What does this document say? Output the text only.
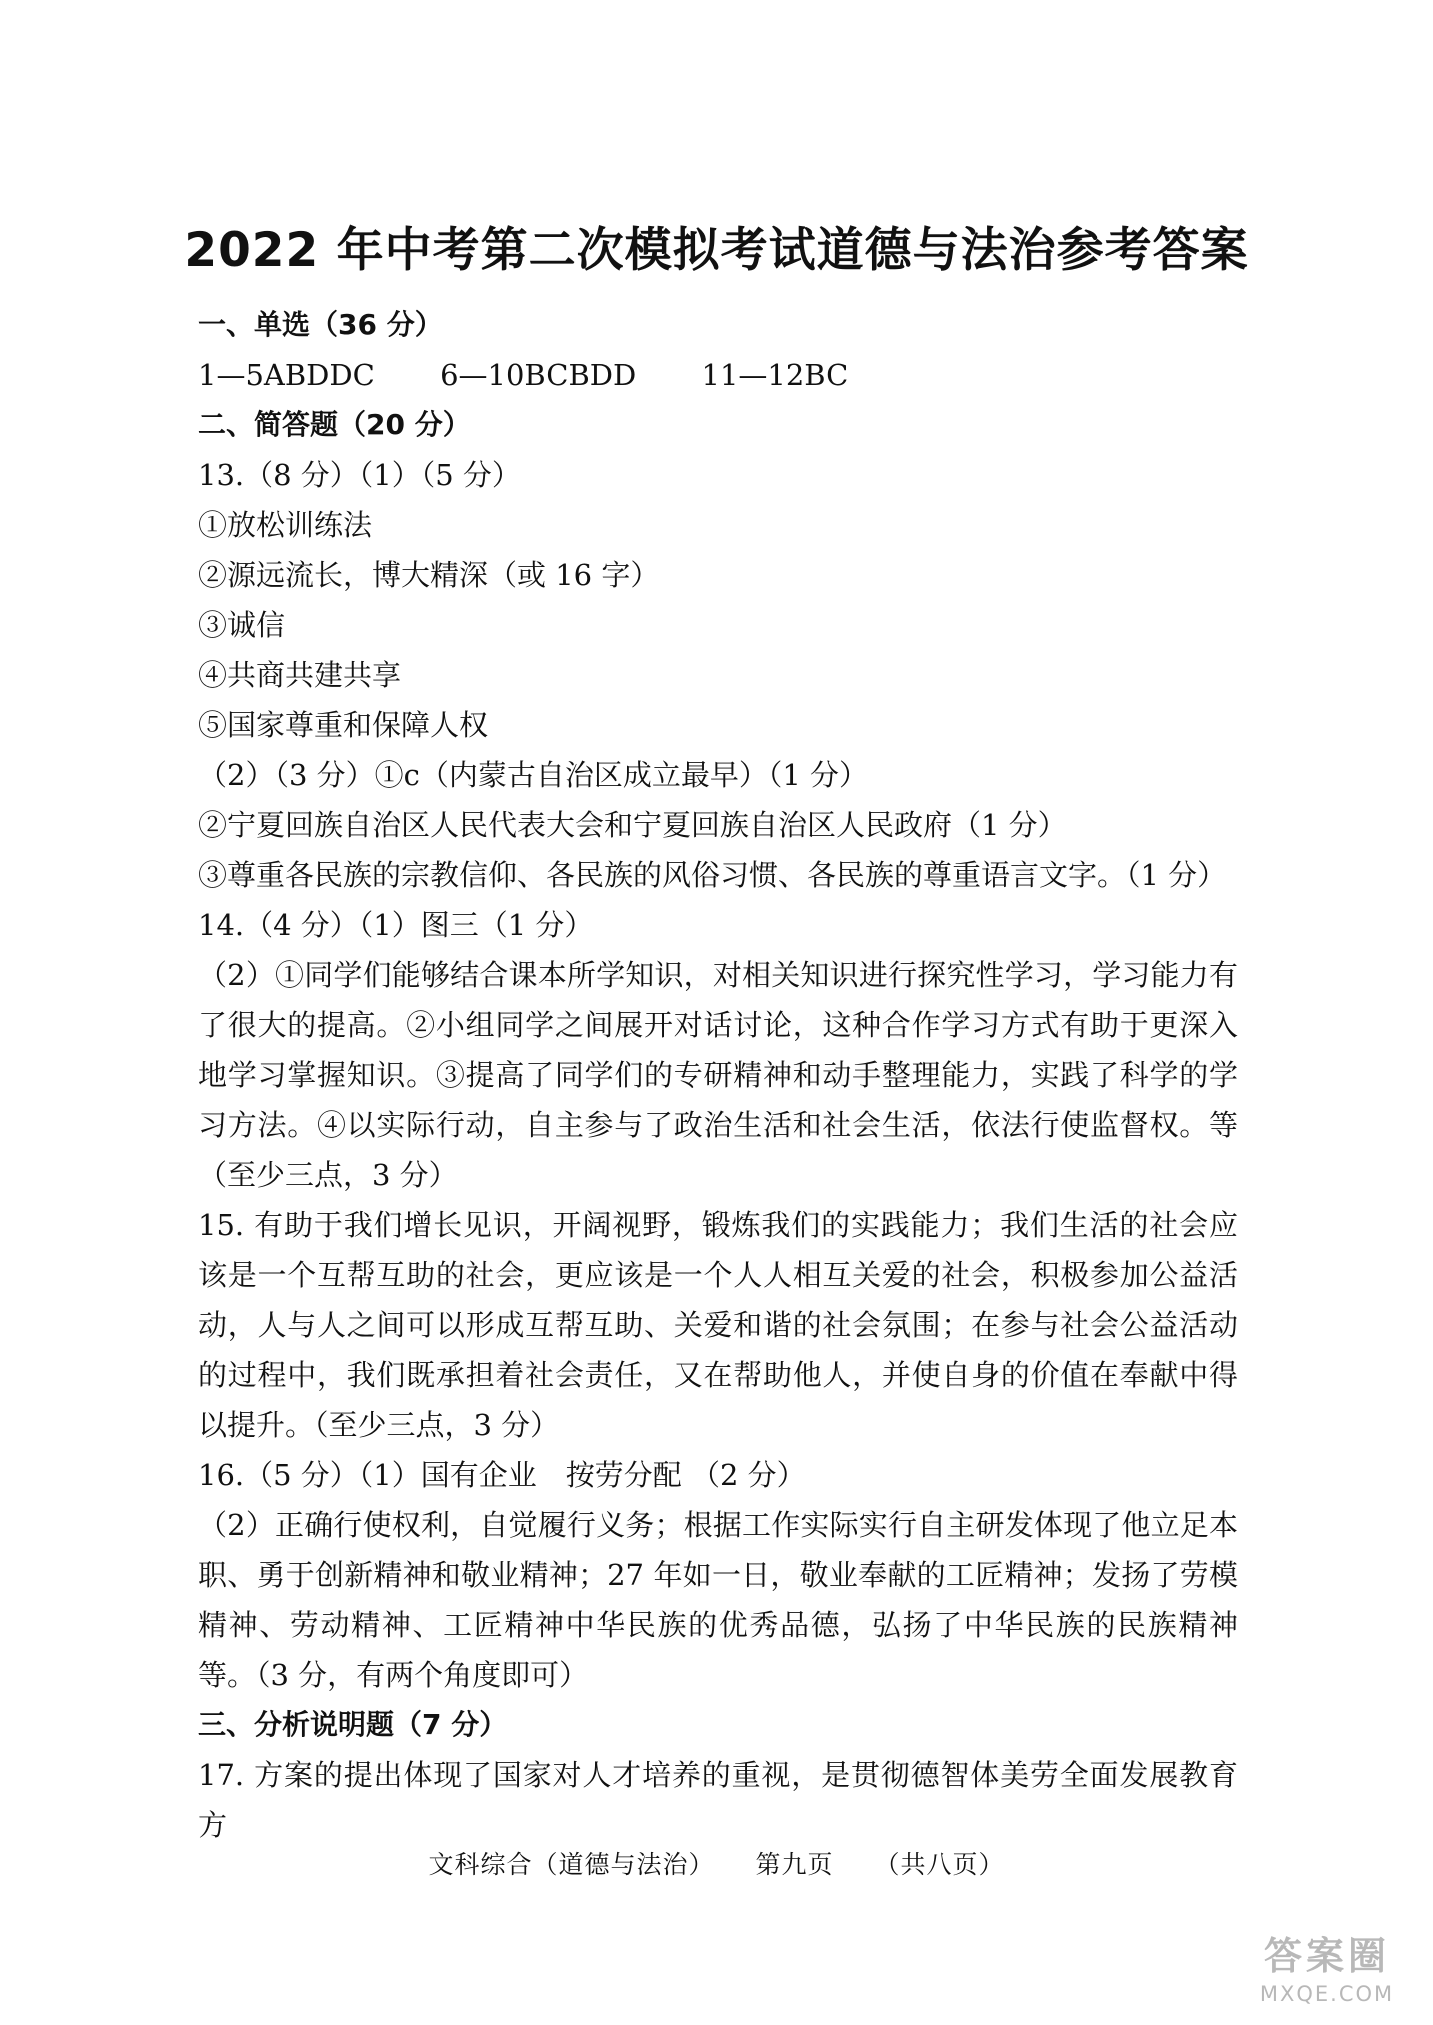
2022 年中考第二次模拟考试道德与法治参考答案

一、单选（36 分）

1—5ABDDC 6—10BCBDD 11—12BC

二、简答题（20 分）

13.（8 分）（1）（5 分）

①放松训练法

②源远流长，博大精深（或 16 字）

③诚信

④共商共建共享

⑤国家尊重和保障人权

（2）（3 分）①c（内蒙古自治区成立最早）（1 分）

②宁夏回族自治区人民代表大会和宁夏回族自治区人民政府（1 分）

③尊重各民族的宗教信仰、各民族的风俗习惯、各民族的尊重语言文字。（1 分）

14.（4 分）（1）图三（1 分）

（2）①同学们能够结合课本所学知识，对相关知识进行探究性学习，学习能力有了很大的提高。②小组同学之间展开对话讨论，这种合作学习方式有助于更深入地学习掌握知识。③提高了同学们的专研精神和动手整理能力，实践了科学的学习方法。④以实际行动，自主参与了政治生活和社会生活，依法行使监督权。等（至少三点，3 分）

15. 有助于我们增长见识，开阔视野，锻炼我们的实践能力；我们生活的社会应该是一个互帮互助的社会，更应该是一个人人相互关爱的社会，积极参加公益活动，人与人之间可以形成互帮互助、关爱和谐的社会氛围；在参与社会公益活动的过程中，我们既承担着社会责任，又在帮助他人，并使自身的价值在奉献中得以提升。（至少三点，3 分）

16.（5 分）（1）国有企业　按劳分配 （2 分）

（2）正确行使权利，自觉履行义务；根据工作实际实行自主研发体现了他立足本职、勇于创新精神和敬业精神；27 年如一日，敬业奉献的工匠精神；发扬了劳模精神、劳动精神、工匠精神中华民族的优秀品德，弘扬了中华民族的民族精神等。（3 分，有两个角度即可）

三、分析说明题（7 分）

17. 方案的提出体现了国家对人才培养的重视，是贯彻德智体美劳全面发展教育方

文科综合（道德与法治） 第九页 （共八页）
答案圈
MXQE.COM
